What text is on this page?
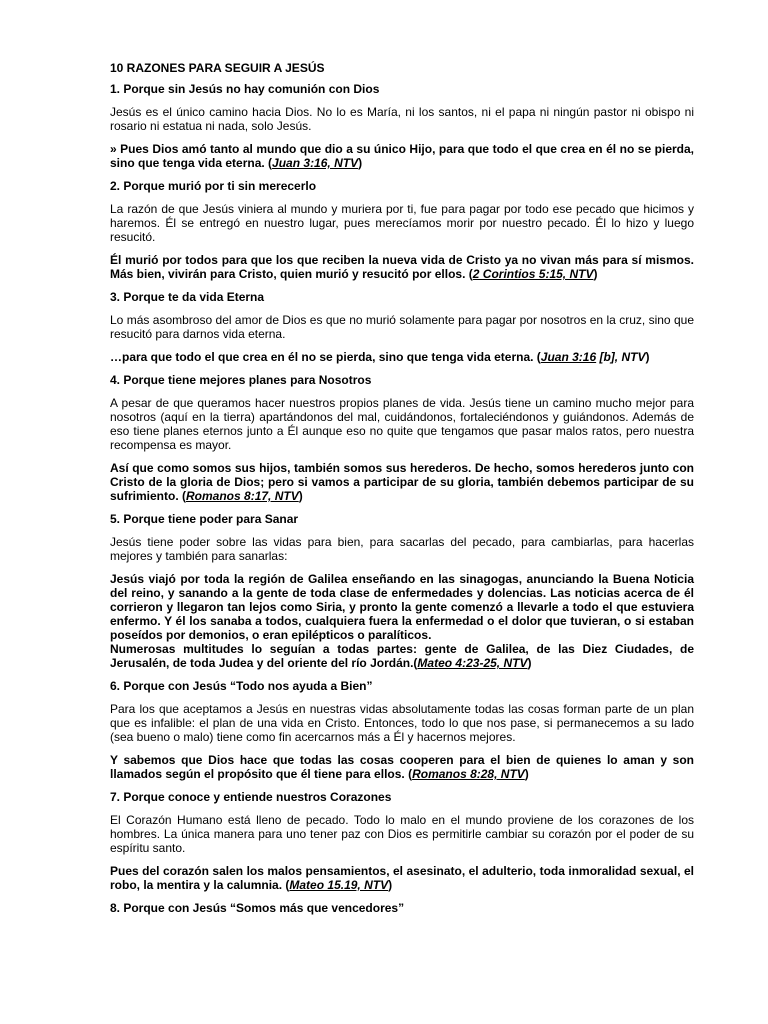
10 RAZONES PARA SEGUIR A JESÚS
1. Porque sin Jesús no hay comunión con Dios

Jesús es el único camino hacia Dios. No lo es María, ni los santos, ni el papa ni ningún pastor ni obispo ni rosario ni estatua ni nada, solo Jesús.

» Pues Dios amó tanto al mundo que dio a su único Hijo, para que todo el que crea en él no se pierda, sino que tenga vida eterna. (Juan 3:16, NTV)

2. Porque murió por ti sin merecerlo

La razón de que Jesús viniera al mundo y muriera por ti, fue para pagar por todo ese pecado que hicimos y haremos. Él se entregó en nuestro lugar, pues merecíamos morir por nuestro pecado. Él lo hizo y luego resucitó.

Él murió por todos para que los que reciben la nueva vida de Cristo ya no vivan más para sí mismos. Más bien, vivirán para Cristo, quien murió y resucitó por ellos. (2 Corintios 5:15, NTV)

3. Porque te da vida Eterna

Lo más asombroso del amor de Dios es que no murió solamente para pagar por nosotros en la cruz, sino que resucitó para darnos vida eterna.

…para que todo el que crea en él no se pierda, sino que tenga vida eterna. (Juan 3:16 [b], NTV)

4. Porque tiene mejores planes para Nosotros

A pesar de que queramos hacer nuestros propios planes de vida. Jesús tiene un camino mucho mejor para nosotros (aquí en la tierra) apartándonos del mal, cuidándonos, fortaleciéndonos y guiándonos. Además de eso tiene planes eternos junto a Él aunque eso no quite que tengamos que pasar malos ratos, pero nuestra recompensa es mayor.

Así que como somos sus hijos, también somos sus herederos. De hecho, somos herederos junto con Cristo de la gloria de Dios; pero si vamos a participar de su gloria, también debemos participar de su sufrimiento. (Romanos 8:17, NTV)

5. Porque tiene poder para Sanar

Jesús tiene poder sobre las vidas para bien, para sacarlas del pecado, para cambiarlas, para hacerlas mejores y también para sanarlas:

Jesús viajó por toda la región de Galilea enseñando en las sinagogas, anunciando la Buena Noticia del reino, y sanando a la gente de toda clase de enfermedades y dolencias. Las noticias acerca de él corrieron y llegaron tan lejos como Siria, y pronto la gente comenzó a llevarle a todo el que estuviera enfermo. Y él los sanaba a todos, cualquiera fuera la enfermedad o el dolor que tuvieran, o si estaban poseídos por demonios, o eran epilépticos o paralíticos.
Numerosas multitudes lo seguían a todas partes: gente de Galilea, de las Diez Ciudades, de Jerusalén, de toda Judea y del oriente del río Jordán.(Mateo 4:23-25, NTV)

6. Porque con Jesús “Todo nos ayuda a Bien”

Para los que aceptamos a Jesús en nuestras vidas absolutamente todas las cosas forman parte de un plan que es infalible: el plan de una vida en Cristo. Entonces, todo lo que nos pase, si permanecemos a su lado (sea bueno o malo) tiene como fin acercarnos más a Él y hacernos mejores.

Y sabemos que Dios hace que todas las cosas cooperen para el bien de quienes lo aman y son llamados según el propósito que él tiene para ellos. (Romanos 8:28, NTV)

7. Porque conoce y entiende nuestros Corazones

El Corazón Humano está lleno de pecado. Todo lo malo en el mundo proviene de los corazones de los hombres. La única manera para uno tener paz con Dios es permitirle cambiar su corazón por el poder de su espíritu santo.

Pues del corazón salen los malos pensamientos, el asesinato, el adulterio, toda inmoralidad sexual, el robo, la mentira y la calumnia. (Mateo 15.19, NTV)

8. Porque con Jesús “Somos más que vencedores”
